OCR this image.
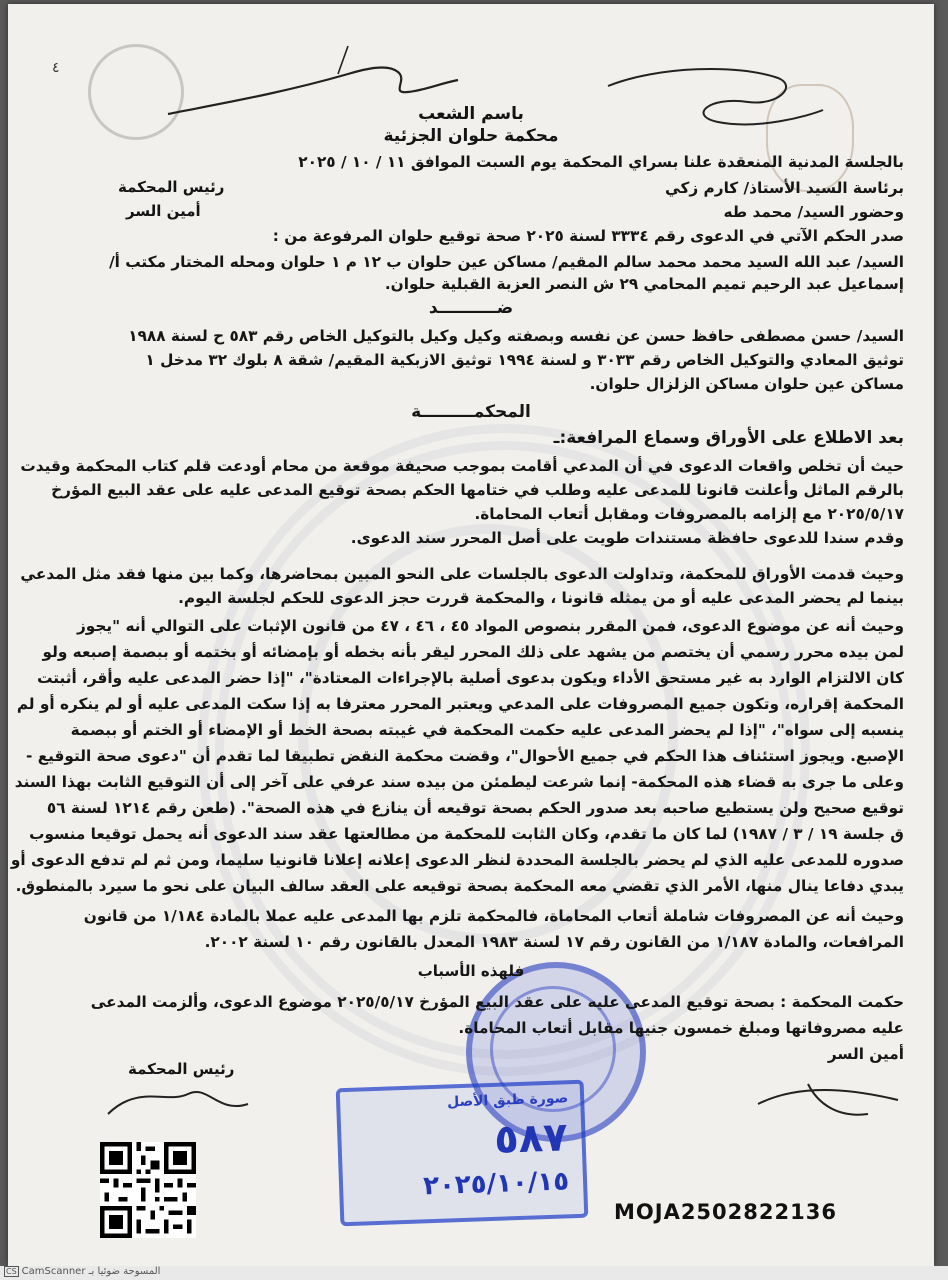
٤
باسم الشعب
محكمة حلوان الجزئية
بالجلسة المدنية المنعقدة علنا بسراي المحكمة يوم السبت الموافق ١١ / ١٠ / ٢٠٢٥
برئاسة السيد الأستاذ/ كارم زكي
رئيس المحكمة
وحضور السيد/ محمد طه
أمين السر
صدر الحكم الآتي في الدعوى رقم ٣٣٣٤ لسنة ٢٠٢٥ صحة توقيع حلوان المرفوعة من :
السيد/ عبد الله السيد محمد محمد سالم المقيم/ مساكن عين حلوان ب ١٢ م ١ حلوان ومحله المختار مكتب أ/
إسماعيل عبد الرحيم تميم المحامي ٢٩ ش النصر العزبة القبلية حلوان.
ضــــــــــد
السيد/ حسن مصطفى حافظ حسن عن نفسه وبصفته وكيل وكيل بالتوكيل الخاص رقم ٥٨٣ ح لسنة ١٩٨٨
توثيق المعادي والتوكيل الخاص رقم ٣٠٣٣ و لسنة ١٩٩٤ توثيق الازبكية المقيم/ شقة ٨ بلوك ٣٢ مدخل ١
مساكن عين حلوان مساكن الزلزال حلوان.
المحكمـــــــــة
بعد الاطلاع على الأوراق وسماع المرافعة:ـ
حيث أن تخلص واقعات الدعوى في أن المدعي أقامت بموجب صحيفة موقعة من محام أودعت قلم كتاب المحكمة وقيدت
بالرقم الماثل وأعلنت قانونا للمدعى عليه وطلب في ختامها الحكم بصحة توقيع المدعى عليه على عقد البيع المؤرخ
٢٠٢٥/٥/١٧ مع إلزامه بالمصروفات ومقابل أتعاب المحاماة.
وقدم سندا للدعوى حافظة مستندات طويت على أصل المحرر سند الدعوى.
وحيث قدمت الأوراق للمحكمة، وتداولت الدعوى بالجلسات على النحو المبين بمحاضرها، وكما بين منها فقد مثل المدعي
بينما لم يحضر المدعى عليه أو من يمثله قانونا ، والمحكمة قررت حجز الدعوى للحكم لجلسة اليوم.
وحيث أنه عن موضوع الدعوى، فمن المقرر بنصوص المواد ٤٥ ، ٤٦ ، ٤٧ من قانون الإثبات على التوالي أنه "يجوز
لمن بيده محرر رسمي أن يختصم من يشهد على ذلك المحرر ليقر بأنه بخطه أو بإمضائه أو بختمه أو ببصمة إصبعه ولو
كان الالتزام الوارد به غير مستحق الأداء ويكون بدعوى أصلية بالإجراءات المعتادة"، "إذا حضر المدعى عليه وأقر، أثبتت
المحكمة إقراره، وتكون جميع المصروفات على المدعي ويعتبر المحرر معترفا به إذا سكت المدعى عليه أو لم ينكره أو لم
ينسبه إلى سواه"، "إذا لم يحضر المدعى عليه حكمت المحكمة في غيبته بصحة الخط أو الإمضاء أو الختم أو ببصمة
الإصبع. ويجوز استئناف هذا الحكم في جميع الأحوال"، وقضت محكمة النقض تطبيقا لما تقدم أن "دعوى صحة التوقيع -
وعلى ما جرى به قضاء هذه المحكمة- إنما شرعت ليطمئن من بيده سند عرفي على آخر إلى أن التوقيع الثابت بهذا السند
توقيع صحيح ولن يستطيع صاحبه بعد صدور الحكم بصحة توقيعه أن ينازع في هذه الصحة". (طعن رقم ١٢١٤ لسنة ٥٦
ق جلسة ١٩ / ٣ / ١٩٨٧) لما كان ما تقدم، وكان الثابت للمحكمة من مطالعتها عقد سند الدعوى أنه يحمل توقيعا منسوب
صدوره للمدعى عليه الذي لم يحضر بالجلسة المحددة لنظر الدعوى إعلانه إعلانا قانونيا سليما، ومن ثم لم تدفع الدعوى أو
يبدي دفاعا ينال منها، الأمر الذي تقضي معه المحكمة بصحة توقيعه على العقد سالف البيان على نحو ما سيرد بالمنطوق.
وحيث أنه عن المصروفات شاملة أتعاب المحاماة، فالمحكمة تلزم بها المدعى عليه عملا بالمادة ١/١٨٤ من قانون
المرافعات، والمادة ١/١٨٧ من القانون رقم ١٧ لسنة ١٩٨٣ المعدل بالقانون رقم ١٠ لسنة ٢٠٠٢.
فلهذه الأسباب
حكمت المحكمة : بصحة توقيع المدعى عليه على عقد البيع المؤرخ ٢٠٢٥/٥/١٧ موضوع الدعوى، وألزمت المدعى
عليه مصروفاتها ومبلغ خمسون جنيها مقابل أتعاب المحاماة.
أمين السر
رئيس المحكمة
صورة طبق الأصل
٥٨٧
٢٠٢٥/١٠/١٥
MOJA2502822136
CS CamScanner المسوحة ضوئيا بـ
